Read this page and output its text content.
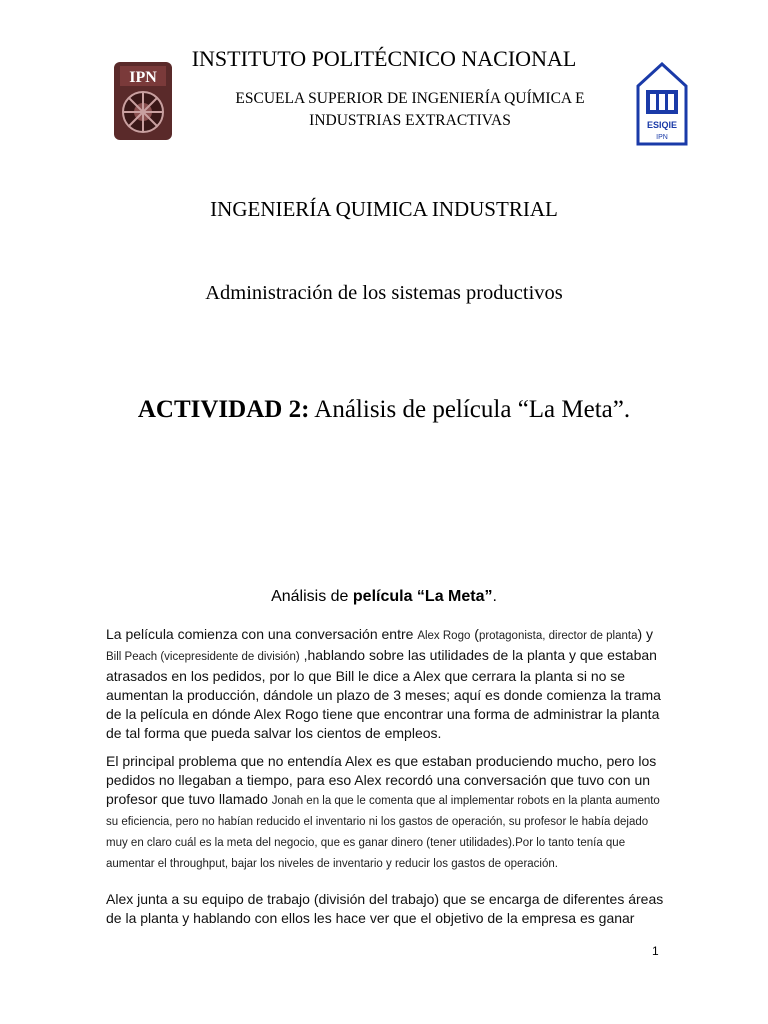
IPN
ESIQIE
IPN
INSTITUTO POLITÉCNICO NACIONAL
ESCUELA SUPERIOR DE INGENIERÍA QUÍMICA E
INDUSTRIAS EXTRACTIVAS
INGENIERÍA QUIMICA INDUSTRIAL
Administración de los sistemas productivos
ACTIVIDAD 2: Análisis de película “La Meta”.
Análisis de película “La Meta”.
La película comienza con una conversación entre Alex Rogo (protagonista, director de planta) y Bill Peach (vicepresidente de división) ,hablando sobre las utilidades de la planta y que estaban atrasados en los pedidos, por lo que Bill le dice a Alex que cerrara la planta si no se aumentan la producción, dándole un plazo de 3 meses; aquí es donde comienza la trama de la película en dónde Alex Rogo tiene que encontrar una forma de administrar la planta de tal forma que pueda salvar los cientos de empleos.
El principal problema que no entendía Alex es que estaban produciendo mucho, pero los pedidos no llegaban a tiempo, para eso Alex recordó una conversación que tuvo con un profesor que tuvo llamado Jonah en la que le comenta que al implementar robots en la planta aumento su eficiencia, pero no habían reducido el inventario ni los gastos de operación, su profesor le había dejado muy en claro cuál es la meta del negocio, que es ganar dinero (tener utilidades).Por lo tanto tenía que aumentar el throughput, bajar los niveles de inventario y reducir los gastos de operación.
Alex junta a su equipo de trabajo (división del trabajo) que se encarga de diferentes áreas de la planta y hablando con ellos les hace ver que el objetivo de la empresa es ganar
1
